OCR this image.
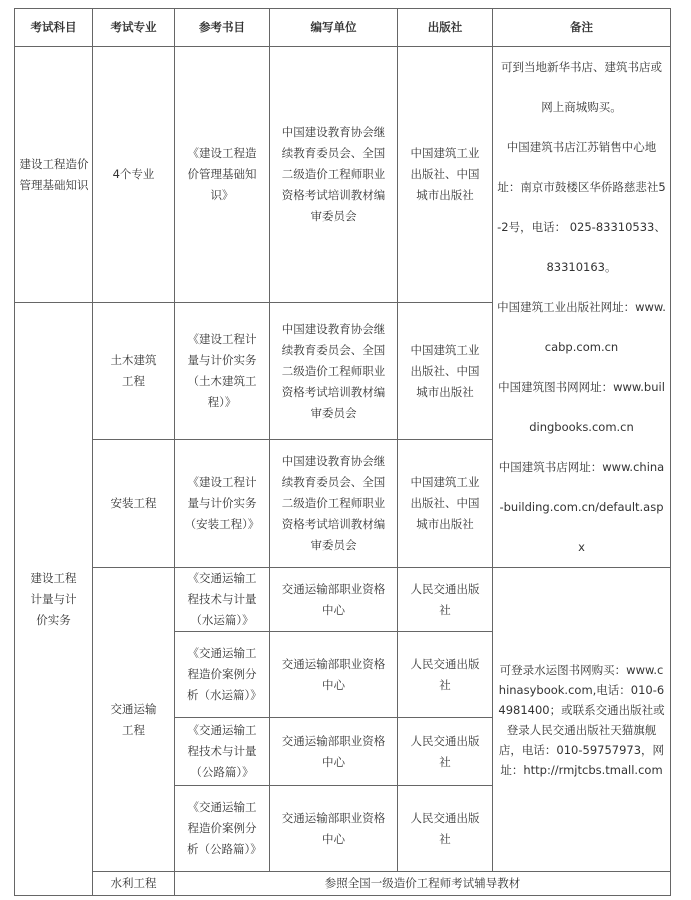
考试科目	考试专业	参考书目	编写单位	出版社	备注
建设工程造价管理基础知识	4个专业	《建设工程造价管理基础知识》	中国建设教育协会继续教育委员会、全国二级造价工程师职业资格考试培训教材编审委员会	中国建筑工业出版社、中国城市出版社	可到当地新华书店、建筑书店或网上商城购买。
中国建筑书店江苏销售中心地址：南京市鼓楼区华侨路慈悲社5-2号，电话： 025-83310533、83310163。
中国建筑工业出版社网址：www.cabp.com.cn
中国建筑图书网网址：www.buildingbooks.com.cn
中国建筑书店网址：www.china-building.com.cn/default.aspx

建设工程计量与计价实务	土木建筑工程	《建设工程计量与计价实务（土木建筑工程）》	中国建设教育协会继续教育委员会、全国二级造价工程师职业资格考试培训教材编审委员会	中国建筑工业出版社、中国城市出版社	
	安装工程	《建设工程计量与计价实务（安装工程）》	中国建设教育协会继续教育委员会、全国二级造价工程师职业资格考试培训教材编审委员会	中国建筑工业出版社、中国城市出版社	
	交通运输工程	《交通运输工程技术与计量（水运篇）》	交通运输部职业资格中心	人民交通出版社	可登录水运图书网购买：www.chinasybook.com,电话：010-64981400；或联系交通出版社或登录人民交通出版社天猫旗舰店，电话：010-59757973，网址：http://rmjtcbs.tmall.com

		《交通运输工程造价案例分析（水运篇）》	交通运输部职业资格中心	人民交通出版社	
		《交通运输工程技术与计量（公路篇）》	交通运输部职业资格中心	人民交通出版社	
		《交通运输工程造价案例分析（公路篇）》	交通运输部职业资格中心	人民交通出版社	
	水利工程	参照全国一级造价工程师考试辅导教材			
